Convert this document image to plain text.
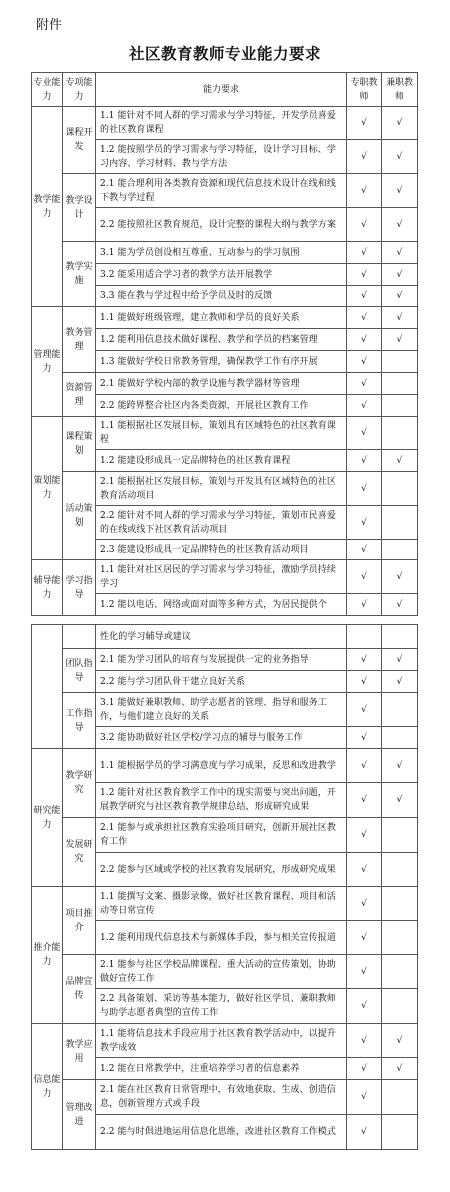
附件
社区教育教师专业能力要求
专业能力	专项能力	能力要求	专职教师	兼职教师
教学能力	课程开发	1.1 能针对不同人群的学习需求与学习特征，开发学员喜爱的社区教育课程	√	√
		1.2 能按照学员的学习需求与学习特征，设计学习目标、学习内容、学习材料、教与学方法	√	√
	教学设计	2.1 能合理利用各类教育资源和现代信息技术设计在线和线下教与学过程	√	√
		2.2 能按照社区教育规范，设计完整的课程大纲与教学方案	√	√
	教学实施	3.1 能为学员创设相互尊重、互动参与的学习氛围	√	√
		3.2 能采用适合学习者的教学方法开展教学	√	√
		3.3 能在教与学过程中给予学员及时的反馈	√	√
管理能力	教务管理	1.1 能做好班级管理，建立教师和学员的良好关系	√	√
		1.2 能利用信息技术做好课程、教学和学员的档案管理	√	√
		1.3 能做好学校日常教务管理，确保教学工作有序开展	√	
	资源管理	2.1 能做好学校内部的教学设施与教学器材等管理	√	
		2.2 能跨界整合社区内各类资源，开展社区教育工作	√	
策划能力	课程策划	1.1 能根据社区发展目标，策划具有区域特色的社区教育课程	√	
		1.2 能建设形成具一定品牌特色的社区教育课程	√	√
	活动策划	2.1 能根据社区发展目标，策划与开发具有区域特色的社区教育活动项目	√	
		2.2 能针对不同人群的学习需求与学习特征，策划市民喜爱的在线或线下社区教育活动项目	√	
		2.3 能建设形成具一定品牌特色的社区教育活动项目	√	
辅导能力	学习指导	1.1 能针对社区居民的学习需求与学习特征，激励学员持续学习	√	√
		1.2 能以电话、网络或面对面等多种方式，为居民提供个	√	√
		性化的学习辅导或建议		
	团队指导	2.1 能为学习团队的培育与发展提供一定的业务指导	√	√
		2.2 能与学习团队骨干建立良好关系	√	√
	工作指导	3.1 能做好兼职教师、助学志愿者的管理、指导和服务工作，与他们建立良好的关系	√	
		3.2 能协助做好社区学校/学习点的辅导与服务工作	√	
研究能力	教学研究	1.1 能根据学员的学习满意度与学习成果，反思和改进教学	√	√
		1.2 能针对社区教育教学工作中的现实需要与突出问题，开展教学研究与社区教育教学规律总结，形成研究成果	√	√
	发展研究	2.1 能参与或承担社区教育实验项目研究，创新开展社区教育工作	√	
		2.2 能参与区域或学校的社区教育发展研究，形成研究成果	√	
推介能力	项目推介	1.1 能撰写文案、摄影录像，做好社区教育课程、项目和活动等日常宣传	√	
		1.2 能利用现代信息技术与新媒体手段，参与相关宣传报道	√	
	品牌宣传	2.1 能参与社区学校品牌课程、重大活动的宣传策划，协助做好宣传工作	√	
		2.2 具备策划、采访等基本能力，做好社区学员、兼职教师与助学志愿者典型的宣传工作	√	
信息能力	教学应用	1.1 能将信息技术手段应用于社区教育教学活动中，以提升教学成效	√	√
		1.2 能在日常教学中，注重培养学习者的信息素养	√	√
	管理改进	2.1 能在社区教育日常管理中，有效地获取、生成、创造信息，创新管理方式或手段	√	
		2.2 能与时俱进地运用信息化思维，改进社区教育工作模式	√	
